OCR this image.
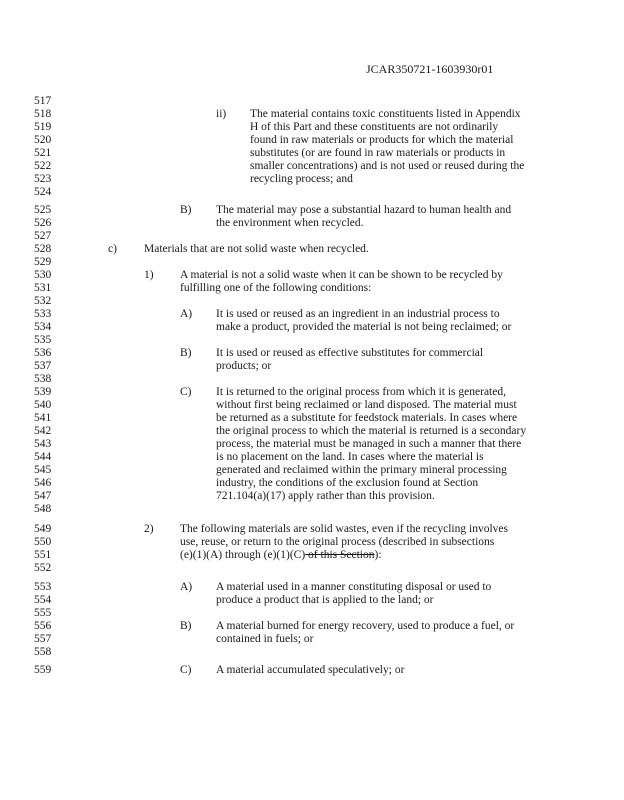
JCAR350721-1603930r01
517
518
519
520
521
522
523
524
525
526
527
528
529
530
531
532
533
534
535
536
537
538
539
540
541
542
543
544
545
546
547
548
549
550
551
552
553
554
555
556
557
558
559
ii) The material contains toxic constituents listed in Appendix
H of this Part and these constituents are not ordinarily
found in raw materials or products for which the material
substitutes (or are found in raw materials or products in
smaller concentrations) and is not used or reused during the
recycling process; and
B) The material may pose a substantial hazard to human health and
the environment when recycled.
c) Materials that are not solid waste when recycled.
1) A material is not a solid waste when it can be shown to be recycled by
fulfilling one of the following conditions:
A) It is used or reused as an ingredient in an industrial process to
make a product, provided the material is not being reclaimed; or
B) It is used or reused as effective substitutes for commercial
products; or
C) It is returned to the original process from which it is generated,
without first being reclaimed or land disposed. The material must
be returned as a substitute for feedstock materials. In cases where
the original process to which the material is returned is a secondary
process, the material must be managed in such a manner that there
is no placement on the land. In cases where the material is
generated and reclaimed within the primary mineral processing
industry, the conditions of the exclusion found at Section
721.104(a)(17) apply rather than this provision.
2) The following materials are solid wastes, even if the recycling involves
use, reuse, or return to the original process (described in subsections
(e)(1)(A) through (e)(1)(C) of this Section):
A) A material used in a manner constituting disposal or used to
produce a product that is applied to the land; or
B) A material burned for energy recovery, used to produce a fuel, or
contained in fuels; or
C) A material accumulated speculatively; or
